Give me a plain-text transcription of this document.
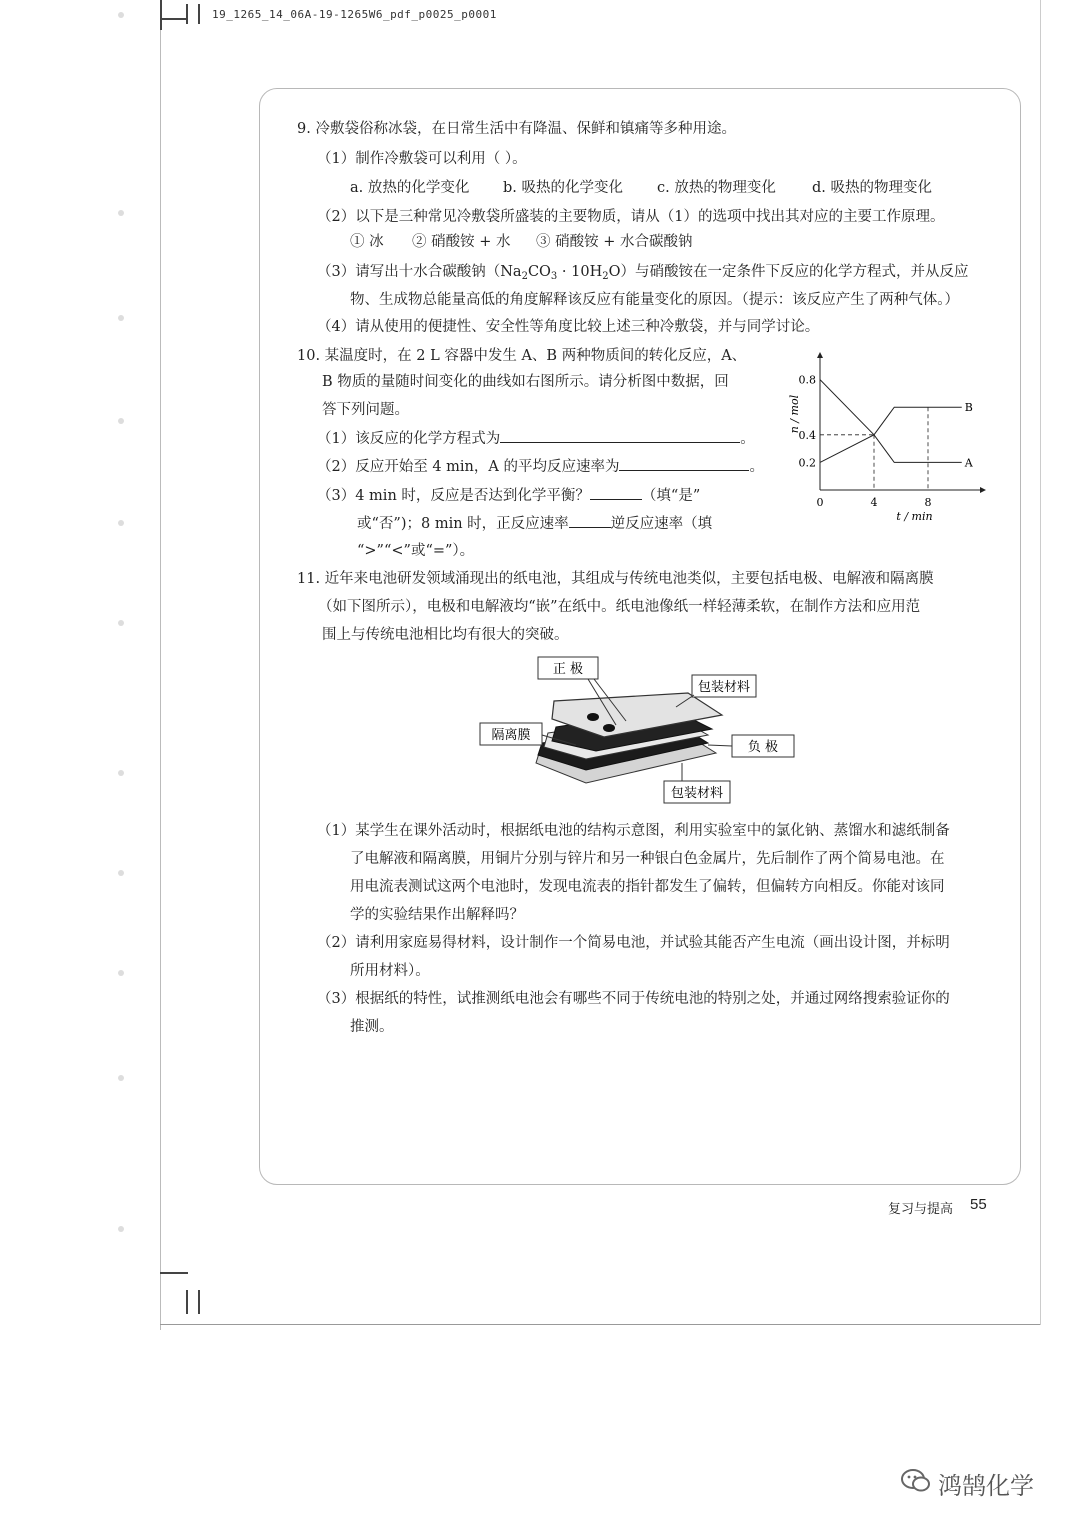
19_1265_14_06A-19-1265W6_pdf_p0025_p0001
9. 冷敷袋俗称冰袋，在日常生活中有降温、保鲜和镇痛等多种用途。
（1）制作冷敷袋可以利用（ ）。
a. 放热的化学变化 b. 吸热的化学变化 c. 放热的物理变化 d. 吸热的物理变化
（2）以下是三种常见冷敷袋所盛装的主要物质，请从（1）的选项中找出其对应的主要工作原理。
① 冰 ② 硝酸铵 + 水 ③ 硝酸铵 + 水合碳酸钠
（3）请写出十水合碳酸钠$(Na_2CO_3 \cdot 10H_2O)$与硝酸铵在一定条件下反应的化学方程式，并从反应
物、生成物总能量高低的角度解释该反应有能量变化的原因。（提示：该反应产生了两种气体。）
（4）请从使用的便捷性、安全性等角度比较上述三种冷敷袋，并与同学讨论。
10. 某温度时，在 2 L 容器中发生 A、B 两种物质间的转化反应，A、
B 物质的量随时间变化的曲线如右图所示。请分析图中数据，回
答下列问题。
（1）该反应的化学方程式为	。
（2）反应开始至 4 min，A 的平均反应速率为	。
（3）4 min 时，反应是否达到化学平衡？	（填“是”
或“否”)；8 min 时，正反应速率	逆反应速率（填
“>”“<”或“=”）。
0	4	8
0.2
0.4
0.8
A
B
n / mol
t / min
11. 近年来电池研发领域涌现出的纸电池，其组成与传统电池类似，主要包括电极、电解液和隔离膜
（如下图所示），电极和电解液均“嵌”在纸中。纸电池像纸一样轻薄柔软，在制作方法和应用范
围上与传统电池相比均有很大的突破。
正 极
包装材料
隔离膜
负 极
包装材料
（1）某学生在课外活动时，根据纸电池的结构示意图，利用实验室中的氯化钠、蒸馏水和滤纸制备
了电解液和隔离膜，用铜片分别与锌片和另一种银白色金属片，先后制作了两个简易电池。在
用电流表测试这两个电池时，发现电流表的指针都发生了偏转，但偏转方向相反。你能对该同
学的实验结果作出解释吗？
（2）请利用家庭易得材料，设计制作一个简易电池，并试验其能否产生电流（画出设计图，并标明
所用材料）。
（3）根据纸的特性，试推测纸电池会有哪些不同于传统电池的特别之处，并通过网络搜索验证你的
推测。
复习与提高 55
鸿鹄化学
